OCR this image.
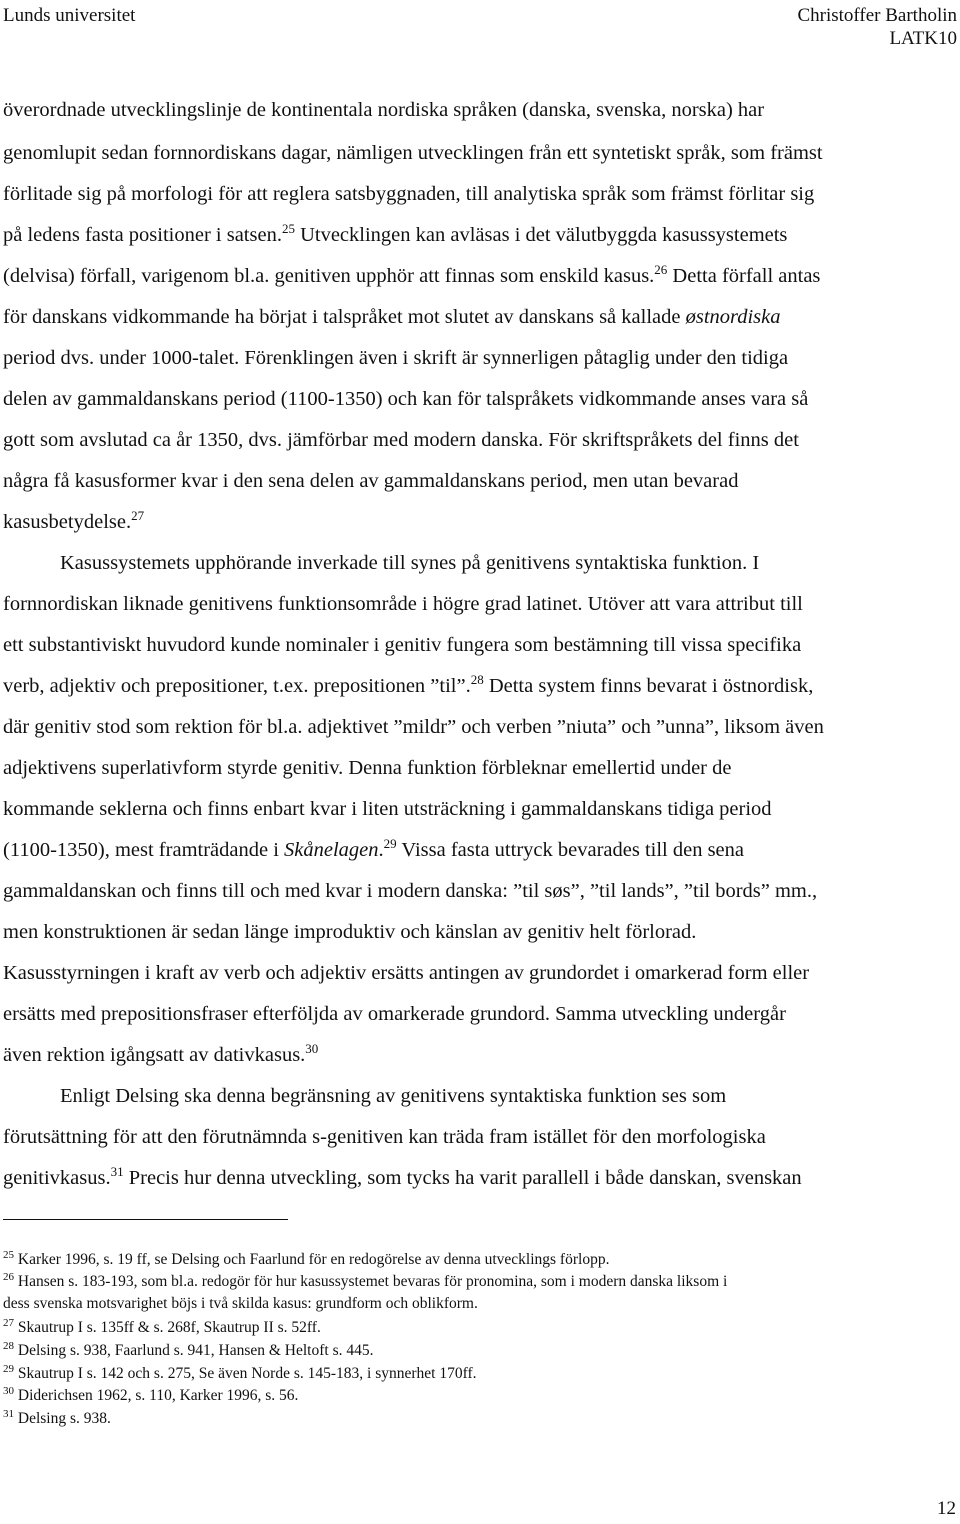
Lunds universitet	Christoffer Bartholin
LATK10
överordnade utvecklingslinje de kontinentala nordiska språken (danska, svenska, norska) har
genomlupit sedan fornnordiskans dagar, nämligen utvecklingen från ett syntetiskt språk, som främst
förlitade sig på morfologi för att reglera satsbyggnaden, till analytiska språk som främst förlitar sig
på ledens fasta positioner i satsen.$^{25}$ Utvecklingen kan avläsas i det välutbyggda kasussystemets
(delvisa) förfall, varigenom bl.a. genitiven upphör att finnas som enskild kasus.$^{26}$ Detta förfall antas
för danskans vidkommande ha börjat i talspråket mot slutet av danskans så kallade østnordiska
period dvs. under 1000-talet. Förenklingen även i skrift är synnerligen påtaglig under den tidiga
delen av gammaldanskans period (1100-1350) och kan för talspråkets vidkommande anses vara så
gott som avslutad ca år 1350, dvs. jämförbar med modern danska. För skriftspråkets del finns det
några få kasusformer kvar i den sena delen av gammaldanskans period, men utan bevarad
kasusbetydelse.$^{27}$
Kasussystemets upphörande inverkade till synes på genitivens syntaktiska funktion. I
fornnordiskan liknade genitivens funktionsområde i högre grad latinet. Utöver att vara attribut till
ett substantiviskt huvudord kunde nominaler i genitiv fungera som bestämning till vissa specifika
verb, adjektiv och prepositioner, t.ex. prepositionen ”til”.$^{28}$ Detta system finns bevarat i östnordisk,
där genitiv stod som rektion för bl.a. adjektivet ”mildr” och verben ”niuta” och ”unna”, liksom även
adjektivens superlativform styrde genitiv. Denna funktion förbleknar emellertid under de
kommande seklerna och finns enbart kvar i liten utsträckning i gammaldanskans tidiga period
(1100-1350), mest framträdande i Skånelagen.$^{29}$ Vissa fasta uttryck bevarades till den sena
gammaldanskan och finns till och med kvar i modern danska: ”til søs”, ”til lands”, ”til bords” mm.,
men konstruktionen är sedan länge improduktiv och känslan av genitiv helt förlorad.
Kasusstyrningen i kraft av verb och adjektiv ersätts antingen av grundordet i omarkerad form eller
ersätts med prepositionsfraser efterföljda av omarkerade grundord. Samma utveckling undergår
även rektion igångsatt av dativkasus.$^{30}$
Enligt Delsing ska denna begränsning av genitivens syntaktiska funktion ses som
förutsättning för att den förutnämnda s-genitiven kan träda fram istället för den morfologiska
genitivkasus.$^{31}$ Precis hur denna utveckling, som tycks ha varit parallell i både danskan, svenskan
$^{25}$ Karker 1996, s. 19 ff, se Delsing och Faarlund för en redogörelse av denna utvecklings förlopp.
$^{26}$ Hansen s. 183-193, som bl.a. redogör för hur kasussystemet bevaras för pronomina, som i modern danska liksom i
dess svenska motsvarighet böjs i två skilda kasus: grundform och oblikform.
$^{27}$ Skautrup I s. 135ff & s. 268f, Skautrup II s. 52ff.
$^{28}$ Delsing s. 938, Faarlund s. 941, Hansen & Heltoft s. 445.
$^{29}$ Skautrup I s. 142 och s. 275, Se även Norde s. 145-183, i synnerhet 170ff.
$^{30}$ Diderichsen 1962, s. 110, Karker 1996, s. 56.
$^{31}$ Delsing s. 938.
12
